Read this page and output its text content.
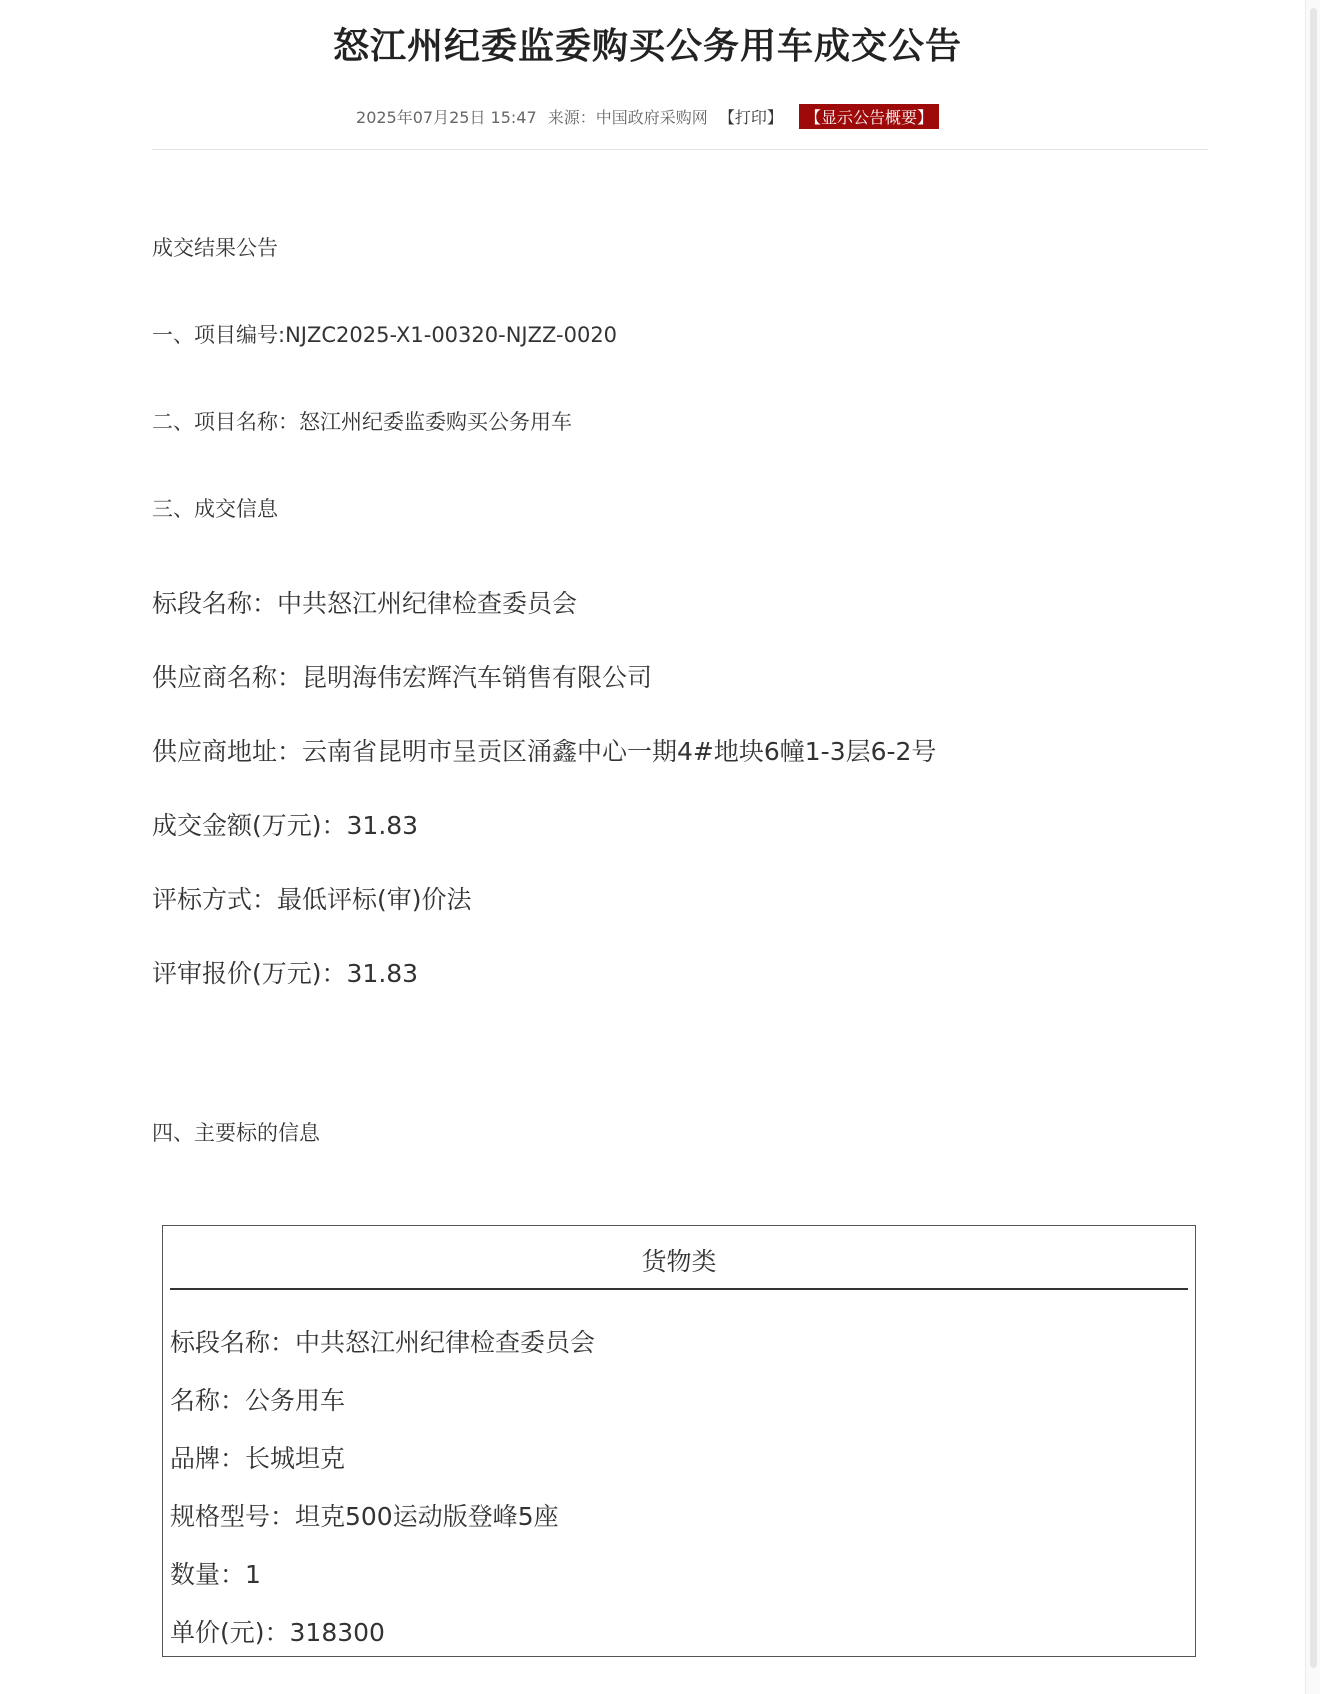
怒江州纪委监委购买公务用车成交公告
2025年07月25日 15:47 来源：中国政府采购网 【打印】 【显示公告概要】
成交结果公告
一、项目编号:NJZC2025-X1-00320-NJZZ-0020
二、项目名称：怒江州纪委监委购买公务用车
三、成交信息
标段名称：中共怒江州纪律检查委员会
供应商名称：昆明海伟宏辉汽车销售有限公司
供应商地址：云南省昆明市呈贡区涌鑫中心一期4#地块6幢1-3层6-2号
成交金额(万元)：31.83
评标方式：最低评标(审)价法
评审报价(万元)：31.83
四、主要标的信息
货物类
标段名称：中共怒江州纪律检查委员会
名称：公务用车
品牌：长城坦克
规格型号：坦克500运动版登峰5座
数量：1
单价(元)：318300
